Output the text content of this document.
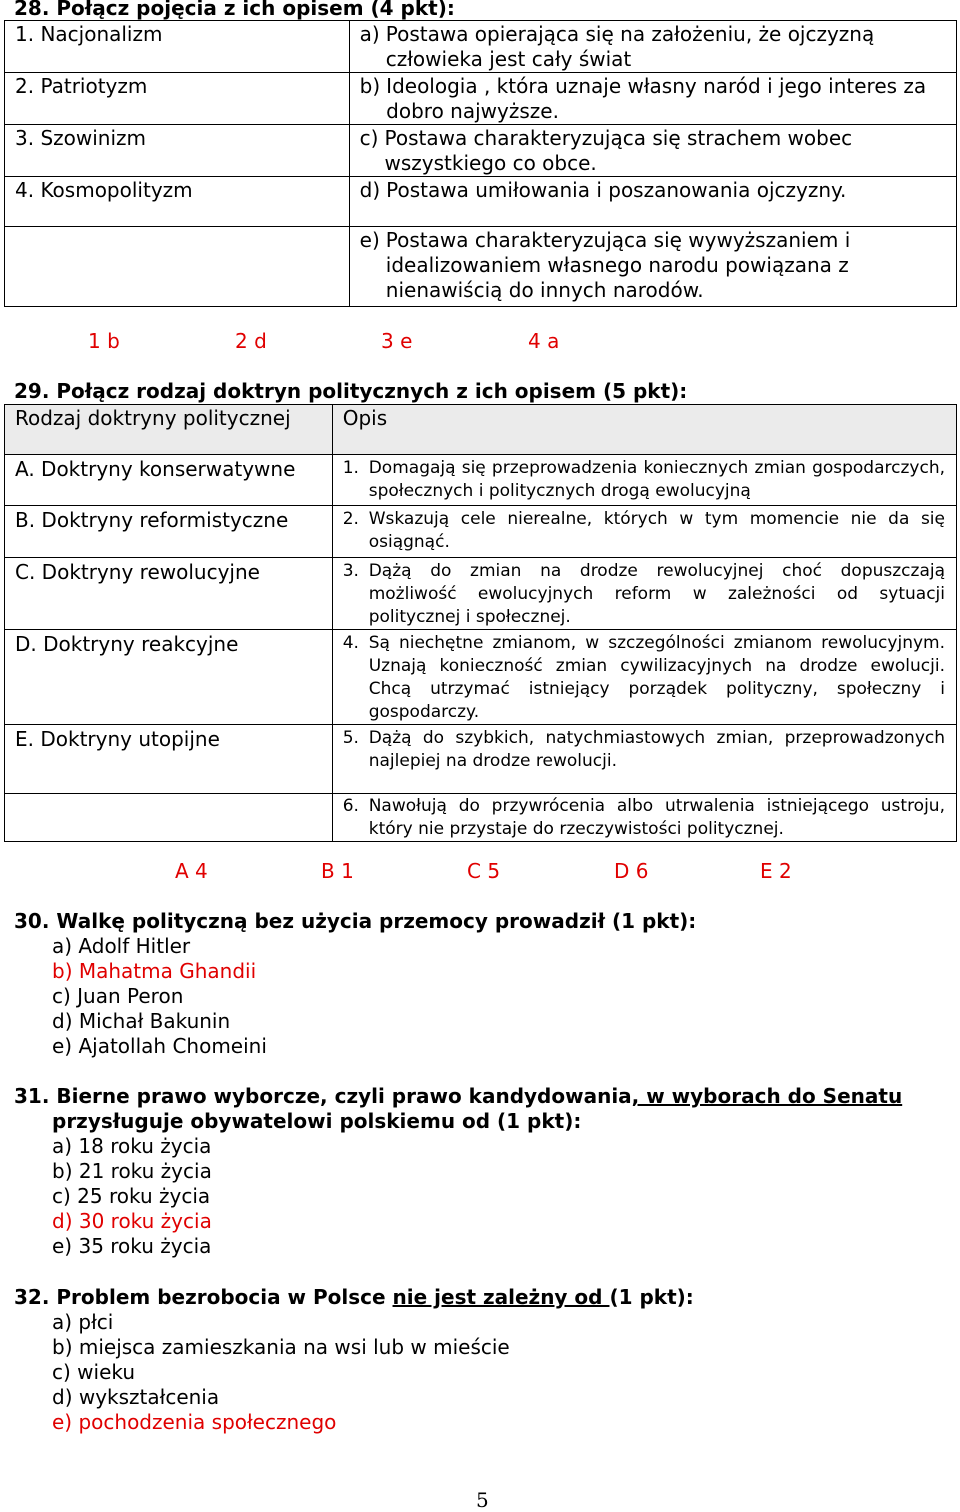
28. Połącz pojęcia z ich opisem (4 pkt):
1. Nacjonalizm	a) Postawa opierająca się na założeniu, że ojczyzną człowieka jest cały świat

2. Patriotyzm	b) Ideologia , która uznaje własny naród i jego interes za dobro najwyższe.

3. Szowinizm	c) Postawa charakteryzująca się strachem wobec wszystkiego co obce.

4. Kosmopolityzm	d) Postawa umiłowania i poszanowania ojczyzny.

	e) Postawa charakteryzująca się wywyższaniem i idealizowaniem własnego narodu powiązana z nienawiścią do innych narodów.
1 b	2 d	3 e	4 a
29. Połącz rodzaj doktryn politycznych z ich opisem (5 pkt):
Rodzaj doktryny politycznej	Opis
A. Doktryny konserwatywne	1. Domagają się przeprowadzenia koniecznych zmian gospodarczych, społecznych i politycznych drogą ewolucyjną

B. Doktryny reformistyczne	2. Wskazują cele nierealne, których w tym momencie nie da się osiągnąć.

C. Doktryny rewolucyjne	3. Dążą do zmian na drodze rewolucyjnej choć dopuszczają możliwość ewolucyjnych reform w zależności od sytuacji politycznej i społecznej.

D. Doktryny reakcyjne	4. Są niechętne zmianom, w szczególności zmianom rewolucyjnym. Uznają konieczność zmian cywilizacyjnych na drodze ewolucji. Chcą utrzymać istniejący porządek polityczny, społeczny i gospodarczy.

E. Doktryny utopijne	5. Dążą do szybkich, natychmiastowych zmian, przeprowadzonych najlepiej na drodze rewolucji.

	6. Nawołują do przywrócenia albo utrwalenia istniejącego ustroju, który nie przystaje do rzeczywistości politycznej.
A 4	B 1	C 5	D 6	E 2
30. Walkę polityczną bez użycia przemocy prowadził (1 pkt):
a) Adolf Hitler
b) Mahatma Ghandii
c) Juan Peron
d) Michał Bakunin
e) Ajatollah Chomeini
31. Bierne prawo wyborcze, czyli prawo kandydowania, w wyborach do Senatu
przysługuje obywatelowi polskiemu od (1 pkt):
a) 18 roku życia
b) 21 roku życia
c) 25 roku życia
d) 30 roku życia
e) 35 roku życia
32. Problem bezrobocia w Polsce nie jest zależny od (1 pkt):
a) płci
b) miejsca zamieszkania na wsi lub w mieście
c) wieku
d) wykształcenia
e) pochodzenia społecznego
5
